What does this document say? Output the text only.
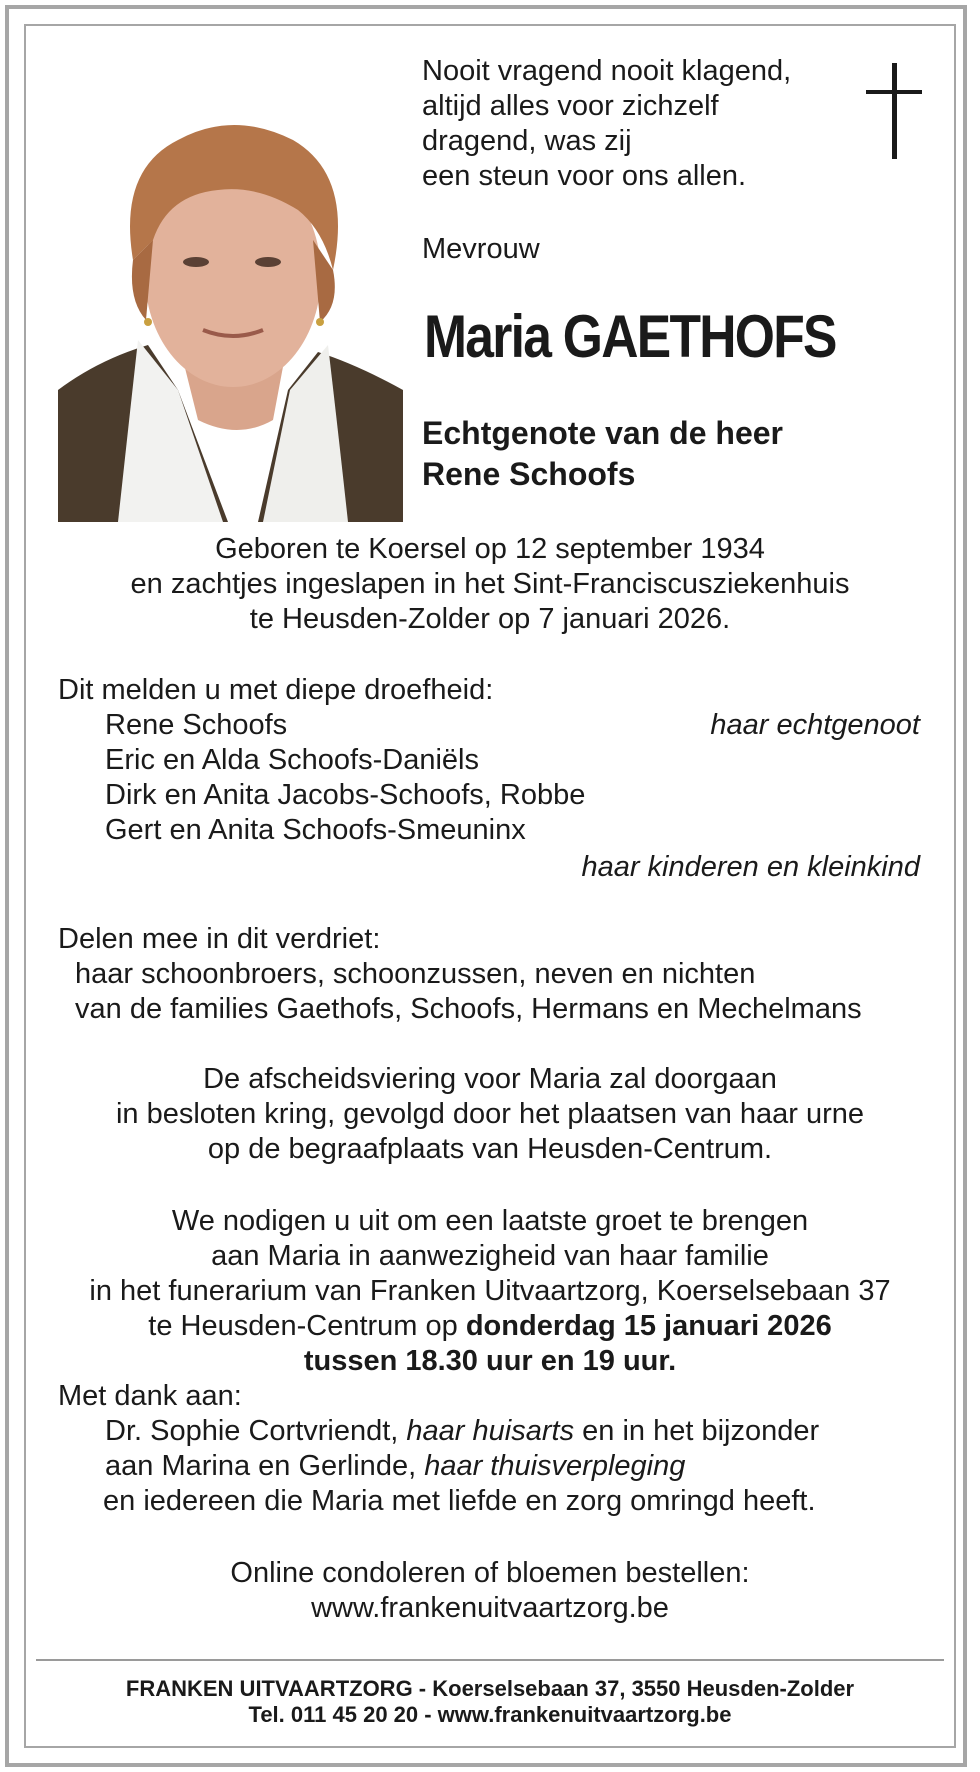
Nooit vragend nooit klagend,
altijd alles voor zichzelf
dragend, was zij
een steun voor ons allen.
Mevrouw
Maria GAETHOFS
Echtgenote van de heer
Rene Schoofs
Geboren te Koersel op 12 september 1934
en zachtjes ingeslapen in het Sint-Franciscusziekenhuis
te Heusden-Zolder op 7 januari 2026.
Dit melden u met diepe droefheid:
Rene Schoofs	haar echtgenoot
Eric en Alda Schoofs-Daniëls
Dirk en Anita Jacobs-Schoofs, Robbe
Gert en Anita Schoofs-Smeuninx
haar kinderen en kleinkind
Delen mee in dit verdriet:
haar schoonbroers, schoonzussen, neven en nichten
van de families Gaethofs, Schoofs, Hermans en Mechelmans
De afscheidsviering voor Maria zal doorgaan
in besloten kring, gevolgd door het plaatsen van haar urne
op de begraafplaats van Heusden-Centrum.
We nodigen u uit om een laatste groet te brengen
aan Maria in aanwezigheid van haar familie
in het funerarium van Franken Uitvaartzorg, Koerselsebaan 37
te Heusden-Centrum op donderdag 15 januari 2026
tussen 18.30 uur en 19 uur.
Met dank aan:
Dr. Sophie Cortvriendt, haar huisarts en in het bijzonder
aan Marina en Gerlinde, haar thuisverpleging
en iedereen die Maria met liefde en zorg omringd heeft.
Online condoleren of bloemen bestellen:
www.frankenuitvaartzorg.be
FRANKEN UITVAARTZORG - Koerselsebaan 37, 3550 Heusden-Zolder
Tel. 011 45 20 20 - www.frankenuitvaartzorg.be
